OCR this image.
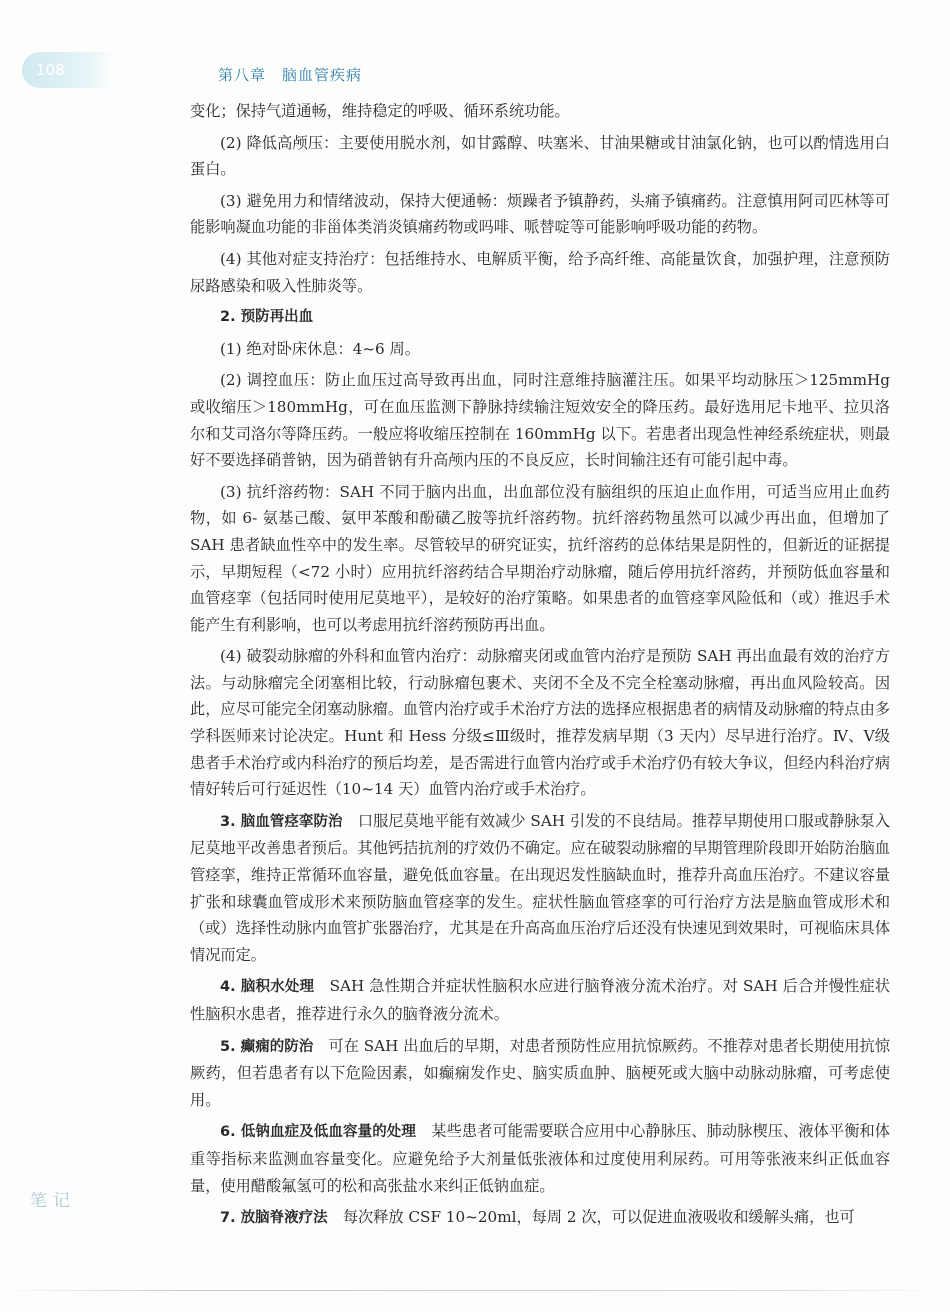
108	第八章　脑血管疾病

变化；保持气道通畅，维持稳定的呼吸、循环系统功能。

(2) 降低高颅压：主要使用脱水剂，如甘露醇、呋塞米、甘油果糖或甘油氯化钠，也可以酌情选用白蛋白。

(3) 避免用力和情绪波动，保持大便通畅：烦躁者予镇静药，头痛予镇痛药。注意慎用阿司匹林等可能影响凝血功能的非甾体类消炎镇痛药物或吗啡、哌替啶等可能影响呼吸功能的药物。

(4) 其他对症支持治疗：包括维持水、电解质平衡，给予高纤维、高能量饮食，加强护理，注意预防尿路感染和吸入性肺炎等。

2. 预防再出血

(1) 绝对卧床休息：4~6 周。

(2) 调控血压：防止血压过高导致再出血，同时注意维持脑灌注压。如果平均动脉压＞125mmHg 或收缩压＞180mmHg，可在血压监测下静脉持续输注短效安全的降压药。最好选用尼卡地平、拉贝洛尔和艾司洛尔等降压药。一般应将收缩压控制在 160mmHg 以下。若患者出现急性神经系统症状，则最好不要选择硝普钠，因为硝普钠有升高颅内压的不良反应，长时间输注还有可能引起中毒。

(3) 抗纤溶药物：SAH 不同于脑内出血，出血部位没有脑组织的压迫止血作用，可适当应用止血药物，如 6- 氨基己酸、氨甲苯酸和酚磺乙胺等抗纤溶药物。抗纤溶药物虽然可以减少再出血，但增加了 SAH 患者缺血性卒中的发生率。尽管较早的研究证实，抗纤溶药的总体结果是阴性的，但新近的证据提示，早期短程（<72 小时）应用抗纤溶药结合早期治疗动脉瘤，随后停用抗纤溶药，并预防低血容量和血管痉挛（包括同时使用尼莫地平），是较好的治疗策略。如果患者的血管痉挛风险低和（或）推迟手术能产生有利影响，也可以考虑用抗纤溶药预防再出血。

(4) 破裂动脉瘤的外科和血管内治疗：动脉瘤夹闭或血管内治疗是预防 SAH 再出血最有效的治疗方法。与动脉瘤完全闭塞相比较，行动脉瘤包裹术、夹闭不全及不完全栓塞动脉瘤，再出血风险较高。因此，应尽可能完全闭塞动脉瘤。血管内治疗或手术治疗方法的选择应根据患者的病情及动脉瘤的特点由多学科医师来讨论决定。Hunt 和 Hess 分级≤Ⅲ级时，推荐发病早期（3 天内）尽早进行治疗。Ⅳ、Ⅴ级患者手术治疗或内科治疗的预后均差，是否需进行血管内治疗或手术治疗仍有较大争议，但经内科治疗病情好转后可行延迟性（10~14 天）血管内治疗或手术治疗。

3. 脑血管痉挛防治　口服尼莫地平能有效减少 SAH 引发的不良结局。推荐早期使用口服或静脉泵入尼莫地平改善患者预后。其他钙拮抗剂的疗效仍不确定。应在破裂动脉瘤的早期管理阶段即开始防治脑血管痉挛，维持正常循环血容量，避免低血容量。在出现迟发性脑缺血时，推荐升高血压治疗。不建议容量扩张和球囊血管成形术来预防脑血管痉挛的发生。症状性脑血管痉挛的可行治疗方法是脑血管成形术和（或）选择性动脉内血管扩张器治疗，尤其是在升高高血压治疗后还没有快速见到效果时，可视临床具体情况而定。

4. 脑积水处理　SAH 急性期合并症状性脑积水应进行脑脊液分流术治疗。对 SAH 后合并慢性症状性脑积水患者，推荐进行永久的脑脊液分流术。

5. 癫痫的防治　可在 SAH 出血后的早期，对患者预防性应用抗惊厥药。不推荐对患者长期使用抗惊厥药，但若患者有以下危险因素，如癫痫发作史、脑实质血肿、脑梗死或大脑中动脉动脉瘤，可考虑使用。

6. 低钠血症及低血容量的处理　某些患者可能需要联合应用中心静脉压、肺动脉楔压、液体平衡和体重等指标来监测血容量变化。应避免给予大剂量低张液体和过度使用利尿药。可用等张液来纠正低血容量，使用醋酸氟氢可的松和高张盐水来纠正低钠血症。

7. 放脑脊液疗法　每次释放 CSF 10~20ml，每周 2 次，可以促进血液吸收和缓解头痛，也可

笔记
